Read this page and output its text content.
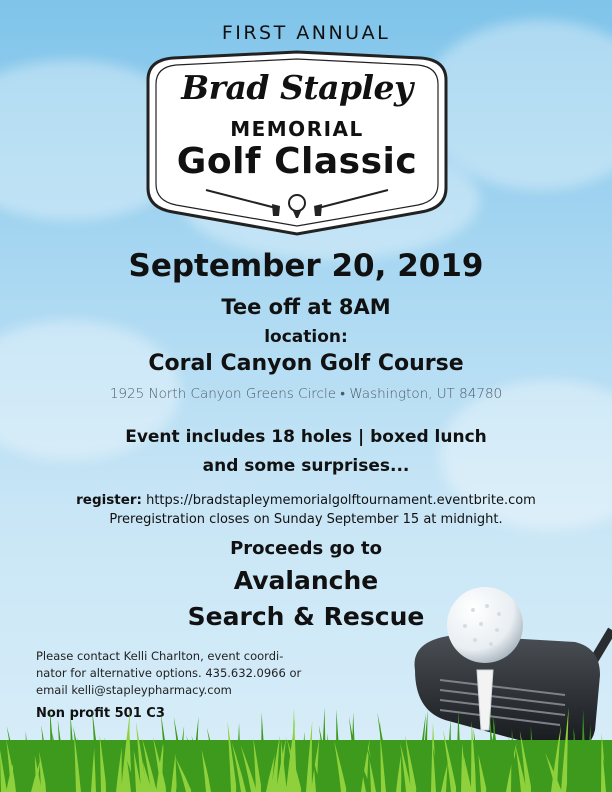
FIRST ANNUAL
Brad Stapley
MEMORIAL
Golf Classic
September 20, 2019
Tee off at 8AM
location:
Coral Canyon Golf Course
1925 North Canyon Greens Circle • Washington, UT 84780
Event includes 18 holes | boxed lunch
and some surprises...
register: https://bradstapleymemorialgolftournament.eventbrite.com
Preregistration closes on Sunday September 15 at midnight.
Proceeds go to
Avalanche
Search & Rescue
Please contact Kelli Charlton, event coordi-
nator for alternative options. 435.632.0966 or
email kelli@stapleypharmacy.com
Non profit 501 C3
